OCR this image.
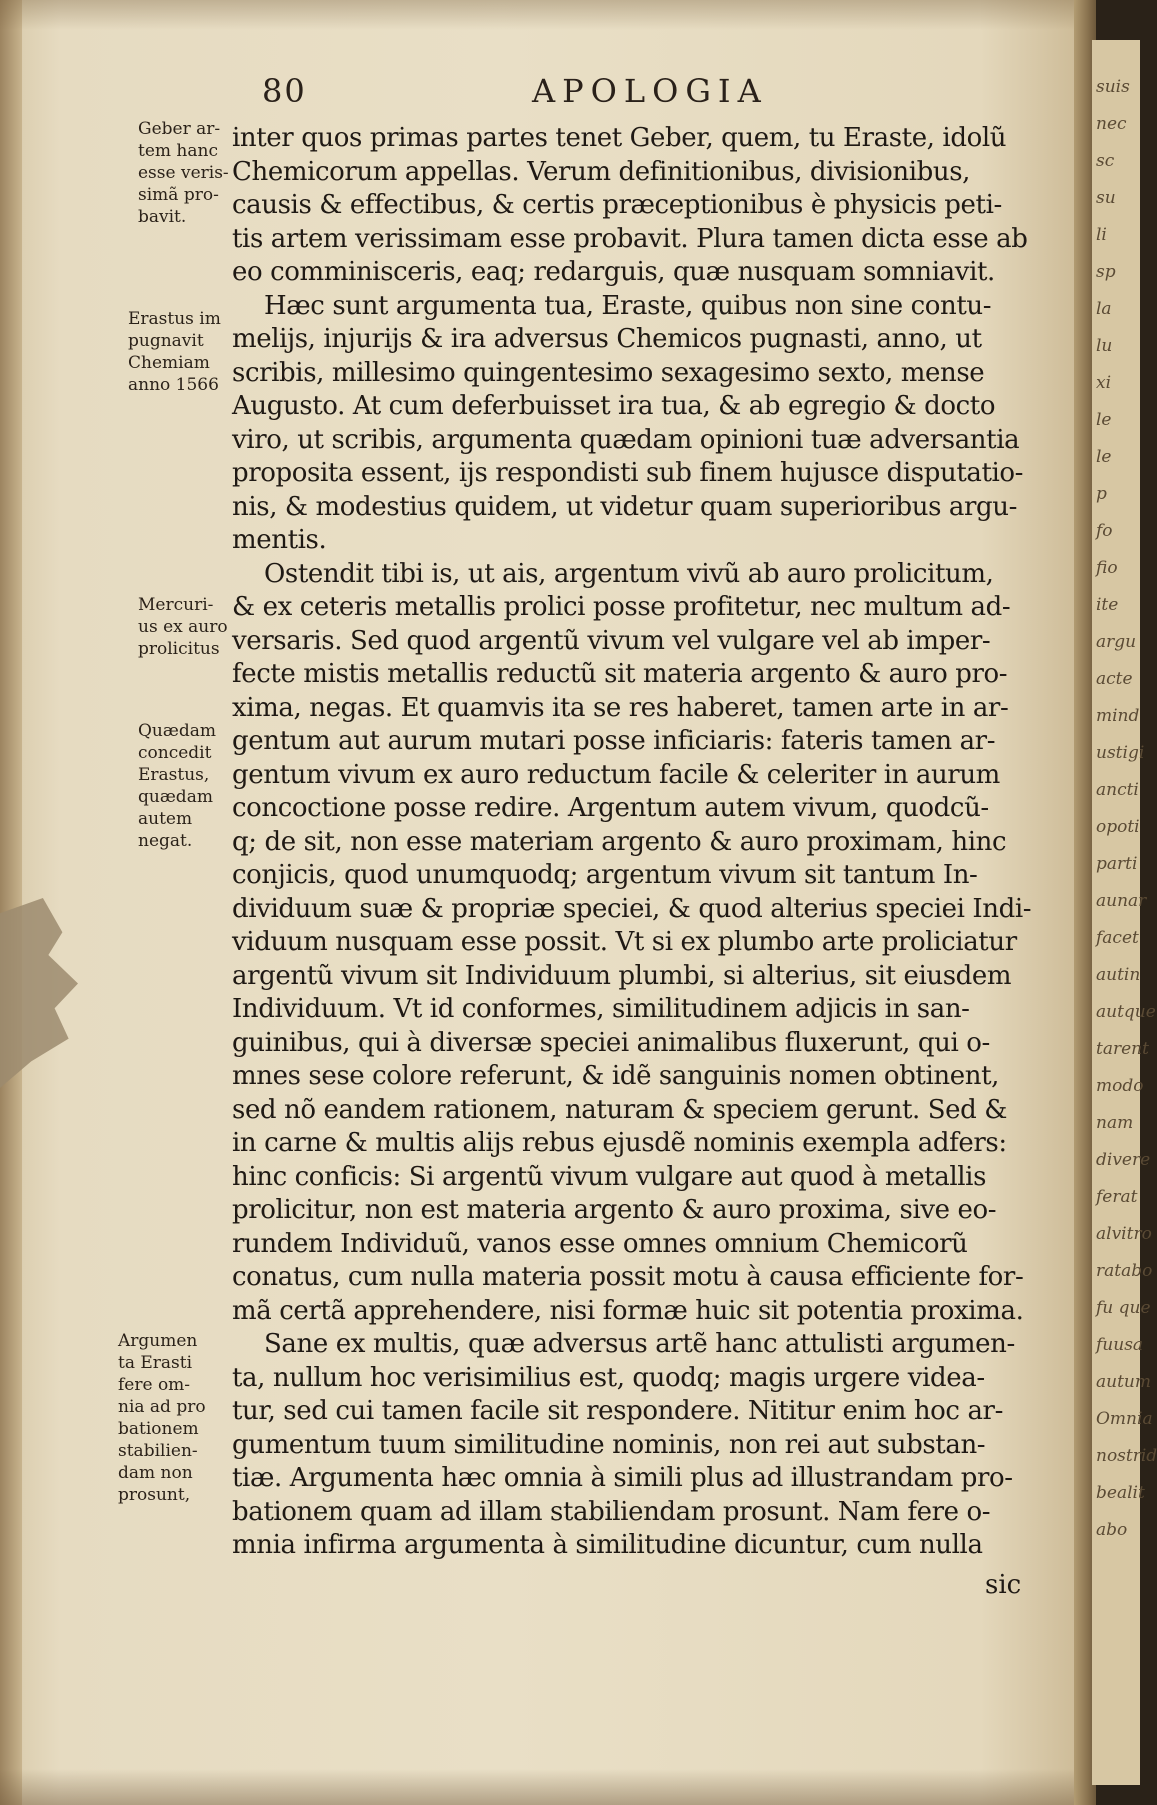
80	APOLOGIA
Geber ar-
tem hanc
esse veris-
simã pro-
bavit.
Erastus im
pugnavit
Chemiam
anno 1566
Mercuri-
us ex auro
prolicitus
Quædam
concedit
Erastus,
quædam
autem
negat.
Argumen
ta Erasti
fere om-
nia ad pro
bationem
stabilien-
dam non
prosunt,
inter quos primas partes tenet Geber, quem, tu Eraste, idolũ
Chemicorum appellas. Verum definitionibus, divisionibus,
causis & effectibus, & certis præceptionibus è physicis peti-
tis artem verissimam esse probavit. Plura tamen dicta esse ab
eo comminisceris, eaq; redarguis, quæ nusquam somniavit.
Hæc sunt argumenta tua, Eraste, quibus non sine contu-
melijs, injurijs & ira adversus Chemicos pugnasti, anno, ut
scribis, millesimo quingentesimo sexagesimo sexto, mense
Augusto. At cum deferbuisset ira tua, & ab egregio & docto
viro, ut scribis, argumenta quædam opinioni tuæ adversantia
proposita essent, ijs respondisti sub finem hujusce disputatio-
nis, & modestius quidem, ut videtur quam superioribus argu-
mentis.
Ostendit tibi is, ut ais, argentum vivũ ab auro prolicitum,
& ex ceteris metallis prolici posse profitetur, nec multum ad-
versaris. Sed quod argentũ vivum vel vulgare vel ab imper-
fecte mistis metallis reductũ sit materia argento & auro pro-
xima, negas. Et quamvis ita se res haberet, tamen arte in ar-
gentum aut aurum mutari posse inficiaris: fateris tamen ar-
gentum vivum ex auro reductum facile & celeriter in aurum
concoctione posse redire. Argentum autem vivum, quodcũ-
q; de sit, non esse materiam argento & auro proximam, hinc
conjicis, quod unumquodq; argentum vivum sit tantum In-
dividuum suæ & propriæ speciei, & quod alterius speciei Indi-
viduum nusquam esse possit. Vt si ex plumbo arte proliciatur
argentũ vivum sit Individuum plumbi, si alterius, sit eiusdem
Individuum. Vt id conformes, similitudinem adjicis in san-
guinibus, qui à diversæ speciei animalibus fluxerunt, qui o-
mnes sese colore referunt, & idẽ sanguinis nomen obtinent,
sed nõ eandem rationem, naturam & speciem gerunt. Sed &
in carne & multis alijs rebus ejusdẽ nominis exempla adfers:
hinc conficis: Si argentũ vivum vulgare aut quod à metallis
prolicitur, non est materia argento & auro proxima, sive eo-
rundem Individuũ, vanos esse omnes omnium Chemicorũ
conatus, cum nulla materia possit motu à causa efficiente for-
mã certã apprehendere, nisi formæ huic sit potentia proxima.
Sane ex multis, quæ adversus artẽ hanc attulisti argumen-
ta, nullum hoc verisimilius est, quodq; magis urgere videa-
tur, sed cui tamen facile sit respondere. Nititur enim hoc ar-
gumentum tuum similitudine nominis, non rei aut substan-
tiæ. Argumenta hæc omnia à simili plus ad illustrandam pro-
bationem quam ad illam stabiliendam prosunt. Nam fere o-
mnia infirma argumenta à similitudine dicuntur, cum nulla
sic
suis
nec
sc
su
li
sp
la
lu
xi
le
le
p
fo
fio
ite
argu
acte
mind
ustigi
ancti
opoti
parti
aunar
facet
autin
autque
tarent
modo
nam
divere
ferat
alvitro
ratabo
fu que
fuusa
autum
Omnia
nostrid
bealit
abo
